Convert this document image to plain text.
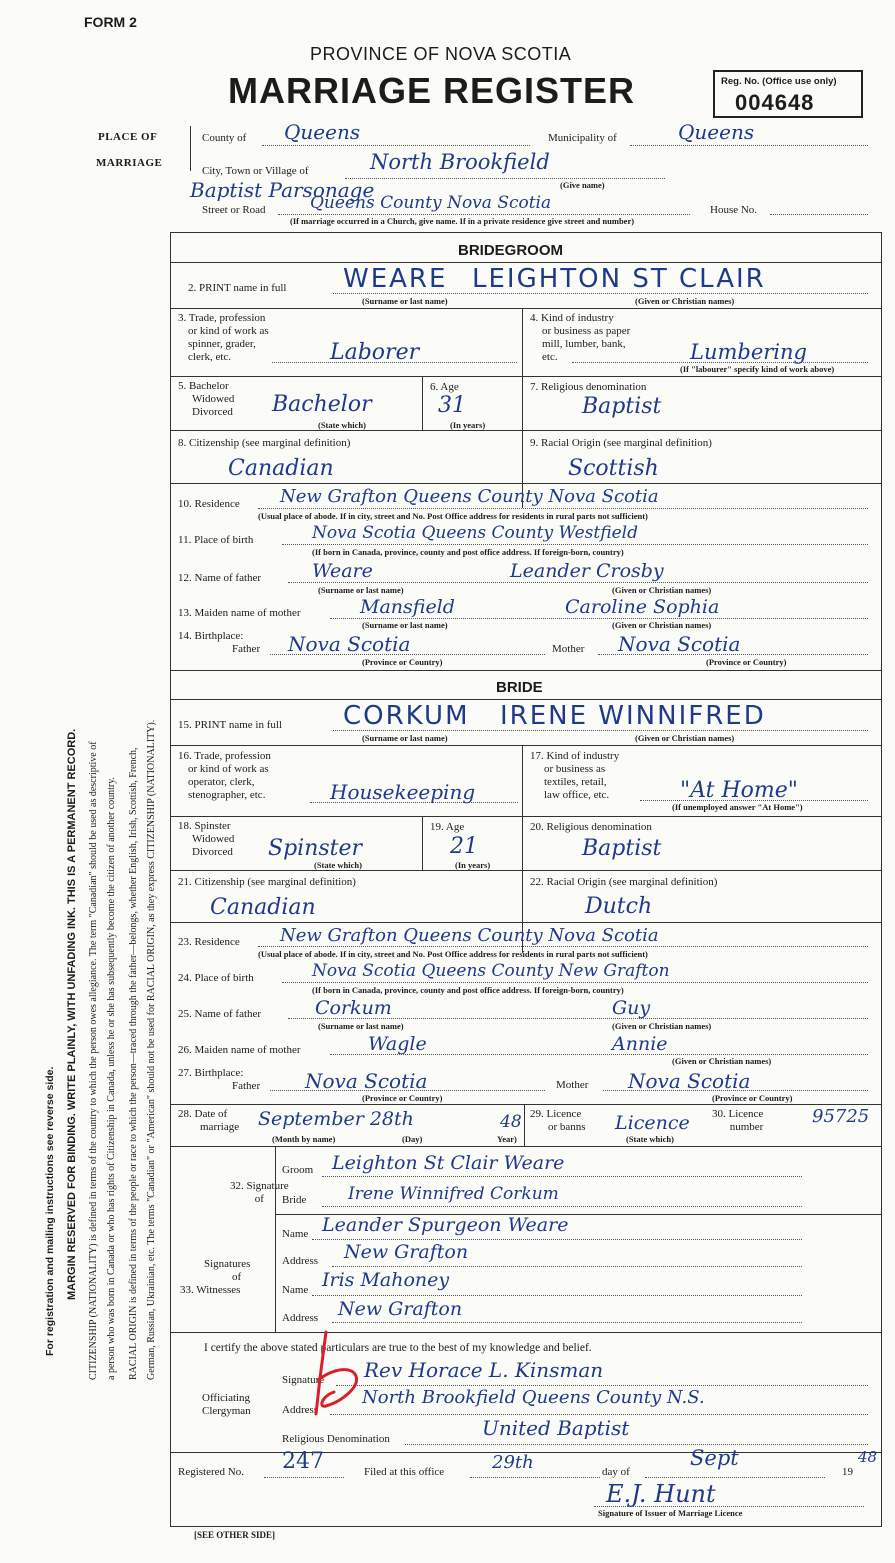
FORM 2
PROVINCE OF NOVA SCOTIA
MARRIAGE REGISTER	Reg. No. (Office use only)
004648
PLACE OF
MARRIAGE
County of Queens	Municipality of	Queens
City, Town or Village of	North Brookfield
(Give name)
Baptist Parsonage
Street or Road	Queens County Nova Scotia	House No.
(If marriage occurred in a Church, give name. If in a private residence give street and number)
BRIDEGROOM
2. PRINT name in full WEARE LEIGHTON ST CLAIR
(Surname or last name)	(Given or Christian names)
3. Trade, profession
or kind of work as
spinner, grader,
clerk, etc.	Laborer
4. Kind of industry
or business as paper
mill, lumber, bank,
etc.	Lumbering
(If "labourer" specify kind of work above)
5. Bachelor
Widowed
Divorced Bachelor
(State which)
6. Age
31
(In years)
7. Religious denomination
Baptist
8. Citizenship (see marginal definition)
Canadian
9. Racial Origin (see marginal definition)
Scottish
10. Residence New Grafton Queens County Nova Scotia
(Usual place of abode. If in city, street and No. Post Office address for residents in rural parts not sufficient)
11. Place of birth	Nova Scotia Queens County Westfield
(If born in Canada, province, county and post office address. If foreign-born, country)
12. Name of father	Weare	Leander Crosby
(Surname or last name)	(Given or Christian names)
13. Maiden name of mother	Mansfield	Caroline Sophia
(Surname or last name)	(Given or Christian names)
14. Birthplace:
Father Nova Scotia	Mother Nova Scotia
(Province or Country)	(Province or Country)
BRIDE
15. PRINT name in full CORKUM IRENE WINNIFRED
(Surname or last name)	(Given or Christian names)
16. Trade, profession
or kind of work as
operator, clerk,
stenographer, etc.	Housekeeping
17. Kind of industry
or business as
textiles, retail,
law office, etc.	"At Home"
(If unemployed answer "At Home")
18. Spinster
Widowed
Divorced Spinster
(State which)
19. Age
21
(In years)
20. Religious denomination
Baptist
21. Citizenship (see marginal definition)
Canadian
22. Racial Origin (see marginal definition)
Dutch
23. Residence New Grafton Queens County Nova Scotia
(Usual place of abode. If in city, street and No. Post Office address for residents in rural parts not sufficient)
24. Place of birth	Nova Scotia Queens County New Grafton
(If born in Canada, province, county and post office address. If foreign-born, country)
25. Name of father	Corkum	Guy
(Surname or last name)	(Given or Christian names)
26. Maiden name of mother	Wagle	Annie
(Given or Christian names)
27. Birthplace:
Father Nova Scotia	Mother Nova Scotia
(Province or Country)	(Province or Country)
28. Date of
marriage September 28th	48
(Month by name)	(Day)	Year)
29. Licence
or banns Licence
(State which)
30. Licence
number	95725
32. Signature
of
Groom Leighton St Clair Weare
Bride Irene Winnifred Corkum
Signatures
of
33. Witnesses
Name Leander Spurgeon Weare
Address New Grafton
Name Iris Mahoney
Address New Grafton
I certify the above stated particulars are true to the best of my knowledge and belief.
Officiating
Clergyman
Signature Rev Horace L. Kinsman
Address
North Brookfield Queens County N.S.
Religious Denomination	United Baptist
Registered No. 247	Filed at this office	29th	day of
Sept
19
48
E.J. Hunt
Signature of Issuer of Marriage Licence
[SEE OTHER SIDE]
For registration and mailing instructions see reverse side. MARGIN RESERVED FOR BINDING. WRITE PLAINLY, WITH UNFADING INK. THIS IS A PERMANENT RECORD. CITIZENSHIP (NATIONALITY) is defined in terms of the country to which the person owes allegiance. The term "Canadian" should be used as descriptive of a person who was born in Canada or who has rights of Citizenship in Canada, unless he or she has subsequently become the citizen of another country. RACIAL ORIGIN is defined in terms of the people or race to which the person—traced through the father—belongs, whether English, Irish, Scottish, French, German, Russian, Ukrainian, etc. The terms "Canadian" or "American" should not be used for RACIAL ORIGIN, as they express CITIZENSHIP (NATIONALITY).
